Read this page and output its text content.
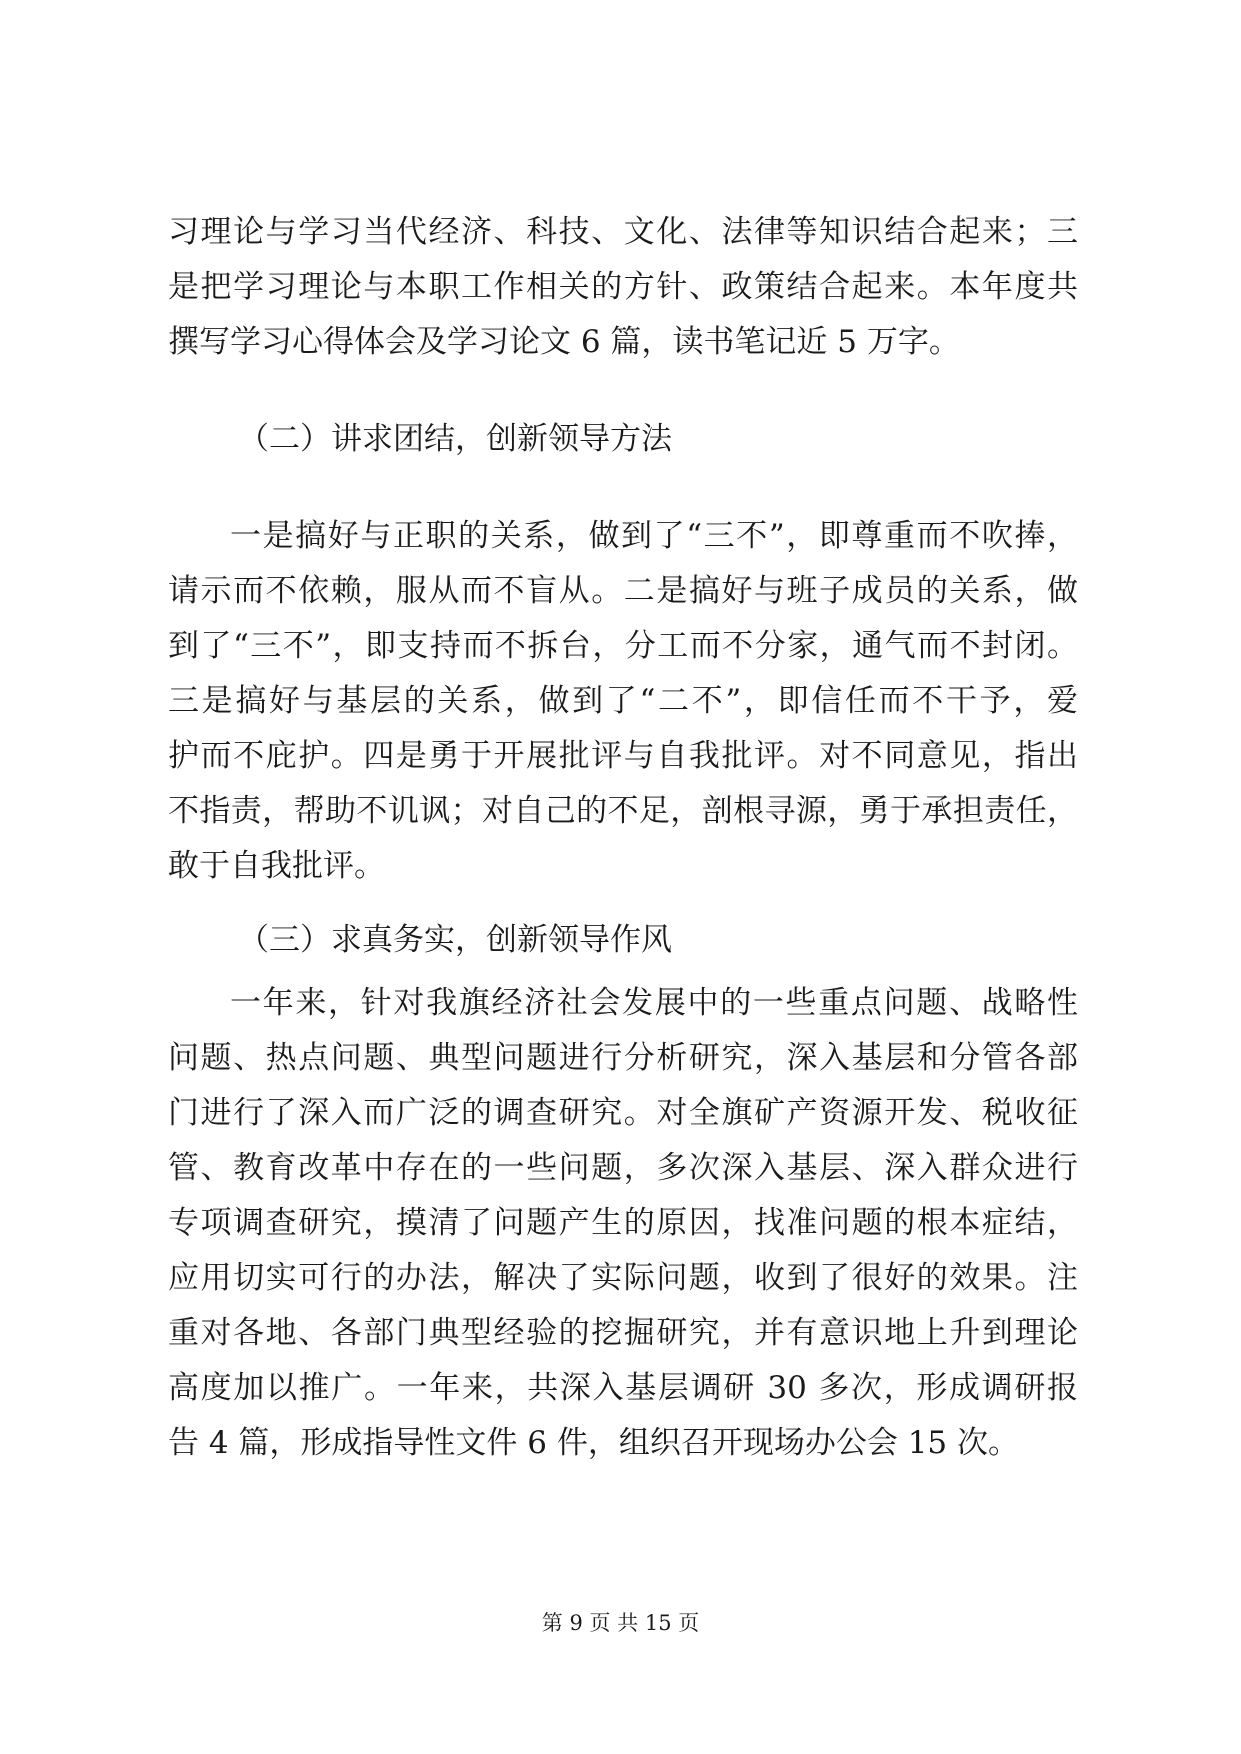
习理论与学习当代经济、科技、文化、法律等知识结合起来；三
是把学习理论与本职工作相关的方针、政策结合起来。本年度共
撰写学习心得体会及学习论文 6 篇，读书笔记近 5 万字。
（二）讲求团结，创新领导方法
一是搞好与正职的关系，做到了“三不”，即尊重而不吹捧，
请示而不依赖，服从而不盲从。二是搞好与班子成员的关系，做
到了“三不”，即支持而不拆台，分工而不分家，通气而不封闭。
三是搞好与基层的关系，做到了“二不”，即信任而不干予，爱
护而不庇护。四是勇于开展批评与自我批评。对不同意见，指出
不指责，帮助不讥讽；对自己的不足，剖根寻源，勇于承担责任，
敢于自我批评。
（三）求真务实，创新领导作风
一年来，针对我旗经济社会发展中的一些重点问题、战略性
问题、热点问题、典型问题进行分析研究，深入基层和分管各部
门进行了深入而广泛的调查研究。对全旗矿产资源开发、税收征
管、教育改革中存在的一些问题，多次深入基层、深入群众进行
专项调查研究，摸清了问题产生的原因，找准问题的根本症结，
应用切实可行的办法，解决了实际问题，收到了很好的效果。注
重对各地、各部门典型经验的挖掘研究，并有意识地上升到理论
高度加以推广。一年来，共深入基层调研 30 多次，形成调研报
告 4 篇，形成指导性文件 6 件，组织召开现场办公会 15 次。
第 9 页 共 15 页
